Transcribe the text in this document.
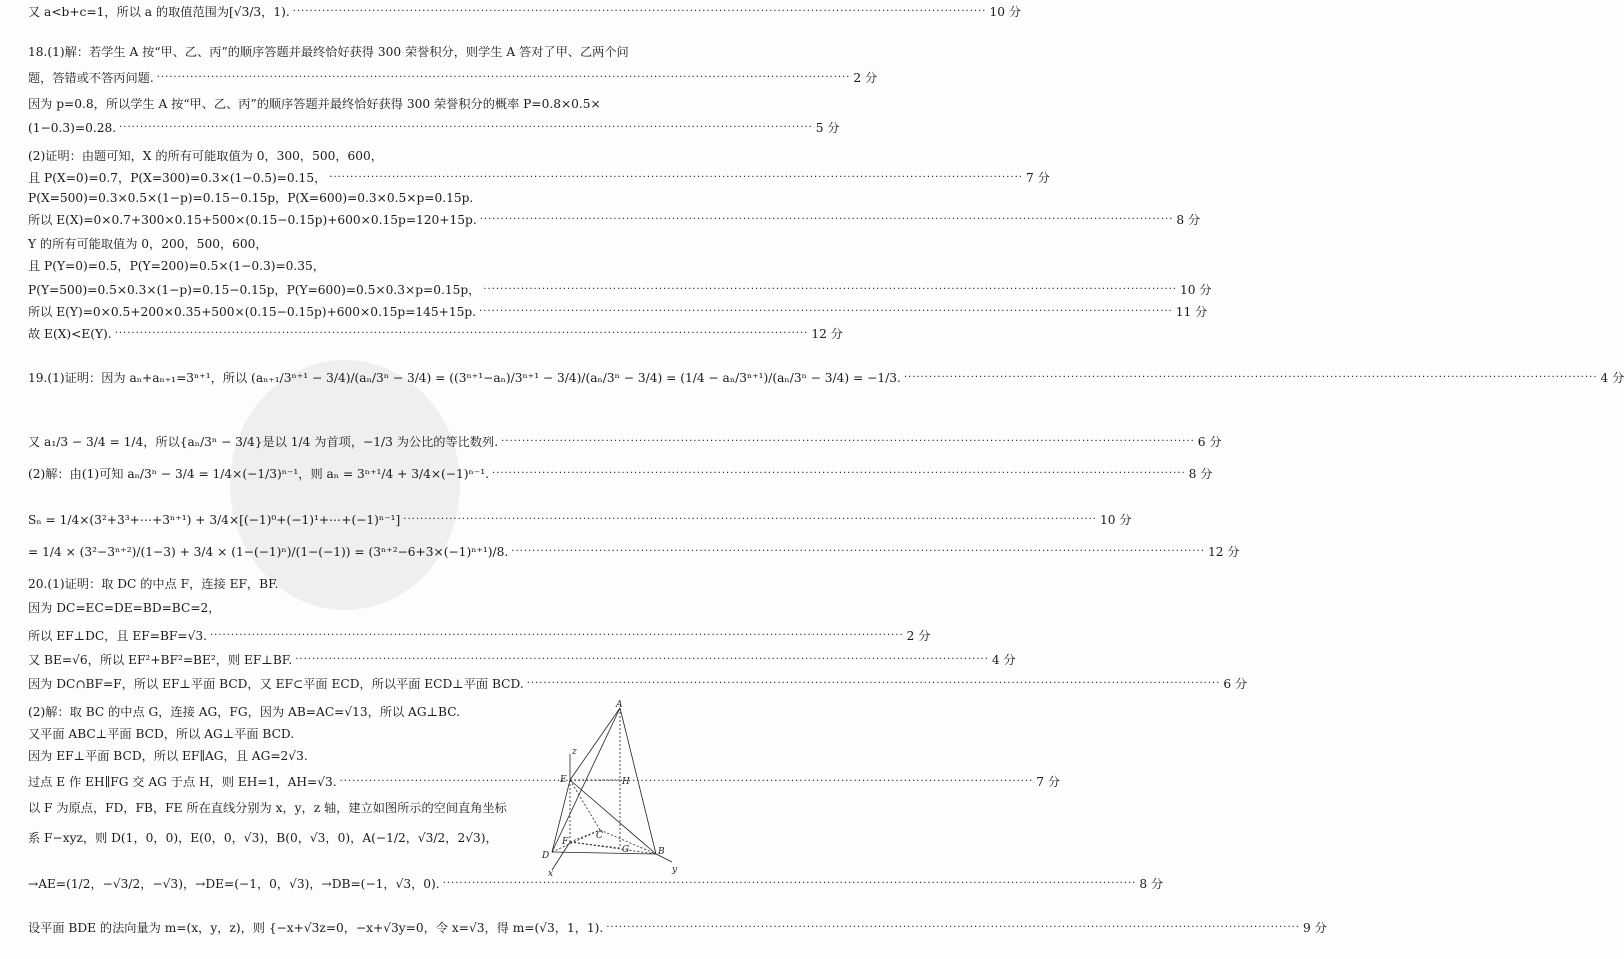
又 a<b+c=1，所以 a 的取值范围为[√3/3，1). ·····	10 分
18.(1)解：若学生 A 按“甲、乙、丙”的顺序答题并最终恰好获得 300 荣誉积分，则学生 A 答对了甲、乙两个问
题，答错或不答丙问题. ·····	2 分
因为 p=0.8，所以学生 A 按“甲、乙、丙”的顺序答题并最终恰好获得 300 荣誉积分的概率 P=0.8×0.5×
(1−0.3)=0.28. ·····	5 分
(2)证明：由题可知，X 的所有可能取值为 0，300，500，600，
且 P(X=0)=0.7，P(X=300)=0.3×(1−0.5)=0.15， ·····	7 分
P(X=500)=0.3×0.5×(1−p)=0.15−0.15p，P(X=600)=0.3×0.5×p=0.15p.
所以 E(X)=0×0.7+300×0.15+500×(0.15−0.15p)+600×0.15p=120+15p. ·····	8 分
Y 的所有可能取值为 0，200，500，600，
且 P(Y=0)=0.5，P(Y=200)=0.5×(1−0.3)=0.35，
P(Y=500)=0.5×0.3×(1−p)=0.15−0.15p，P(Y=600)=0.5×0.3×p=0.15p， ·····	10 分
所以 E(Y)=0×0.5+200×0.35+500×(0.15−0.15p)+600×0.15p=145+15p. ·····	11 分
故 E(X)<E(Y). ·····	12 分
19.(1)证明：因为 aₙ+aₙ₊₁=3ⁿ⁺¹，所以 (aₙ₊₁/3ⁿ⁺¹ − 3/4)/(aₙ/3ⁿ − 3/4) = ((3ⁿ⁺¹−aₙ)/3ⁿ⁺¹ − 3/4)/(aₙ/3ⁿ − 3/4) = (1/4 − aₙ/3ⁿ⁺¹)/(aₙ/3ⁿ − 3/4) = −1/3. ·····	4 分
又 a₁/3 − 3/4 = 1/4，所以{aₙ/3ⁿ − 3/4}是以 1/4 为首项，−1/3 为公比的等比数列. ·····	6 分
(2)解：由(1)可知 aₙ/3ⁿ − 3/4 = 1/4×(−1/3)ⁿ⁻¹，则 aₙ = 3ⁿ⁺¹/4 + 3/4×(−1)ⁿ⁻¹. ·····	8 分
Sₙ = 1/4×(3²+3³+⋯+3ⁿ⁺¹) + 3/4×[(−1)⁰+(−1)¹+⋯+(−1)ⁿ⁻¹] ·····	10 分
= 1/4 × (3²−3ⁿ⁺²)/(1−3) + 3/4 × (1−(−1)ⁿ)/(1−(−1)) = (3ⁿ⁺²−6+3×(−1)ⁿ⁺¹)/8. ·····	12 分
20.(1)证明：取 DC 的中点 F，连接 EF，BF.
因为 DC=EC=DE=BD=BC=2，
所以 EF⊥DC，且 EF=BF=√3. ·····	2 分
又 BE=√6，所以 EF²+BF²=BE²，则 EF⊥BF. ·····	4 分
因为 DC∩BF=F，所以 EF⊥平面 BCD，又 EF⊂平面 ECD，所以平面 ECD⊥平面 BCD. ·····	6 分
(2)解：取 BC 的中点 G，连接 AG，FG，因为 AB=AC=√13，所以 AG⊥BC.
又平面 ABC⊥平面 BCD，所以 AG⊥平面 BCD.
因为 EF⊥平面 BCD，所以 EF∥AG，且 AG=2√3.
过点 E 作 EH∥FG 交 AG 于点 H，则 EH=1，AH=√3. ·····	7 分
以 F 为原点，FD，FB，FE 所在直线分别为 x，y，z 轴，建立如图所示的空间直角坐标
系 F−xyz，则 D(1，0，0)，E(0，0，√3)，B(0，√3，0)，A(−1/2，√3/2，2√3)，
→AE=(1/2，−√3/2，−√3)，→DE=(−1，0，√3)，→DB=(−1，√3，0). ·····	8 分
设平面 BDE 的法向量为 m=(x，y，z)，则 {−x+√3z=0，−x+√3y=0，令 x=√3，得 m=(√3，1，1). ·····	9 分
A
E	H
z
F
C
G
D	B
x	y
